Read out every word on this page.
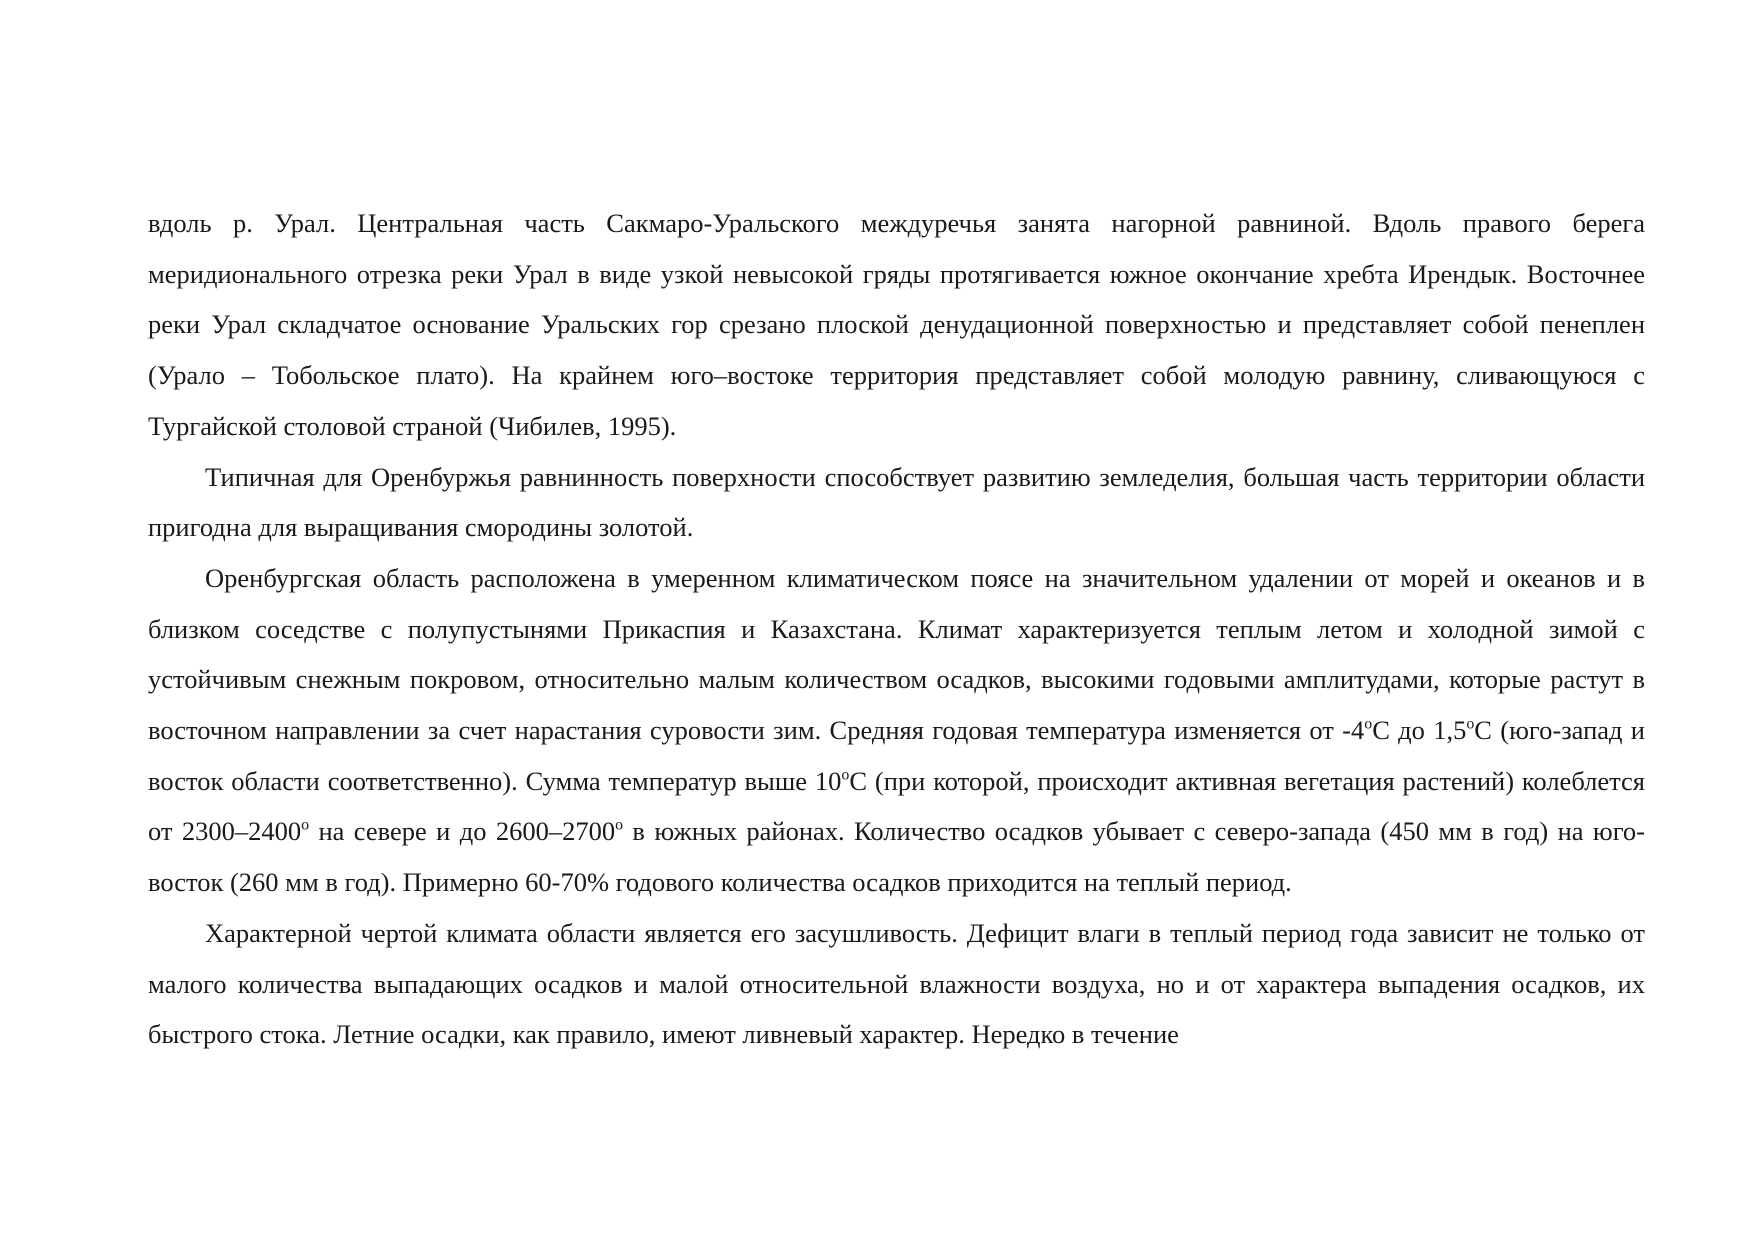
вдоль р. Урал. Центральная часть Сакмаро-Уральского междуречья занята нагорной равниной. Вдоль правого берега меридионального отрезка реки Урал в виде узкой невысокой гряды протягивается южное окончание хребта Ирендык. Восточнее реки Урал складчатое основание Уральских гор срезано плоской денудационной поверхностью и представляет собой пенеплен (Урало – Тобольское плато). На крайнем юго–востоке территория представляет собой молодую равнину, сливающуюся с Тургайской столовой страной (Чибилев, 1995).

Типичная для Оренбуржья равнинность поверхности способствует развитию земледелия, большая часть территории области пригодна для выращивания смородины золотой.

Оренбургская область расположена в умеренном климатическом поясе на значительном удалении от морей и океанов и в близком соседстве с полупустынями Прикаспия и Казахстана. Климат характеризуется теплым летом и холодной зимой с устойчивым снежным покровом, относительно малым количеством осадков, высокими годовыми амплитудами, которые растут в восточном направлении за счет нарастания суровости зим. Средняя годовая температура изменяется от $-4^оС$ до $1,5^оС$ (юго-запад и восток области соответственно). Сумма температур выше $10^оС$ (при которой, происходит активная вегетация растений) колеблется от $2300-2400^о$ на севере и до $2600-2700^о$ в южных районах. Количество осадков убывает с северо-запада (450 мм в год) на юго-восток (260 мм в год). Примерно 60-70% годового количества осадков приходится на теплый период.

Характерной чертой климата области является его засушливость. Дефицит влаги в теплый период года зависит не только от малого количества выпадающих осадков и малой относительной влажности воздуха, но и от характера выпадения осадков, их быстрого стока. Летние осадки, как правило, имеют ливневый характер. Нередко в течение
